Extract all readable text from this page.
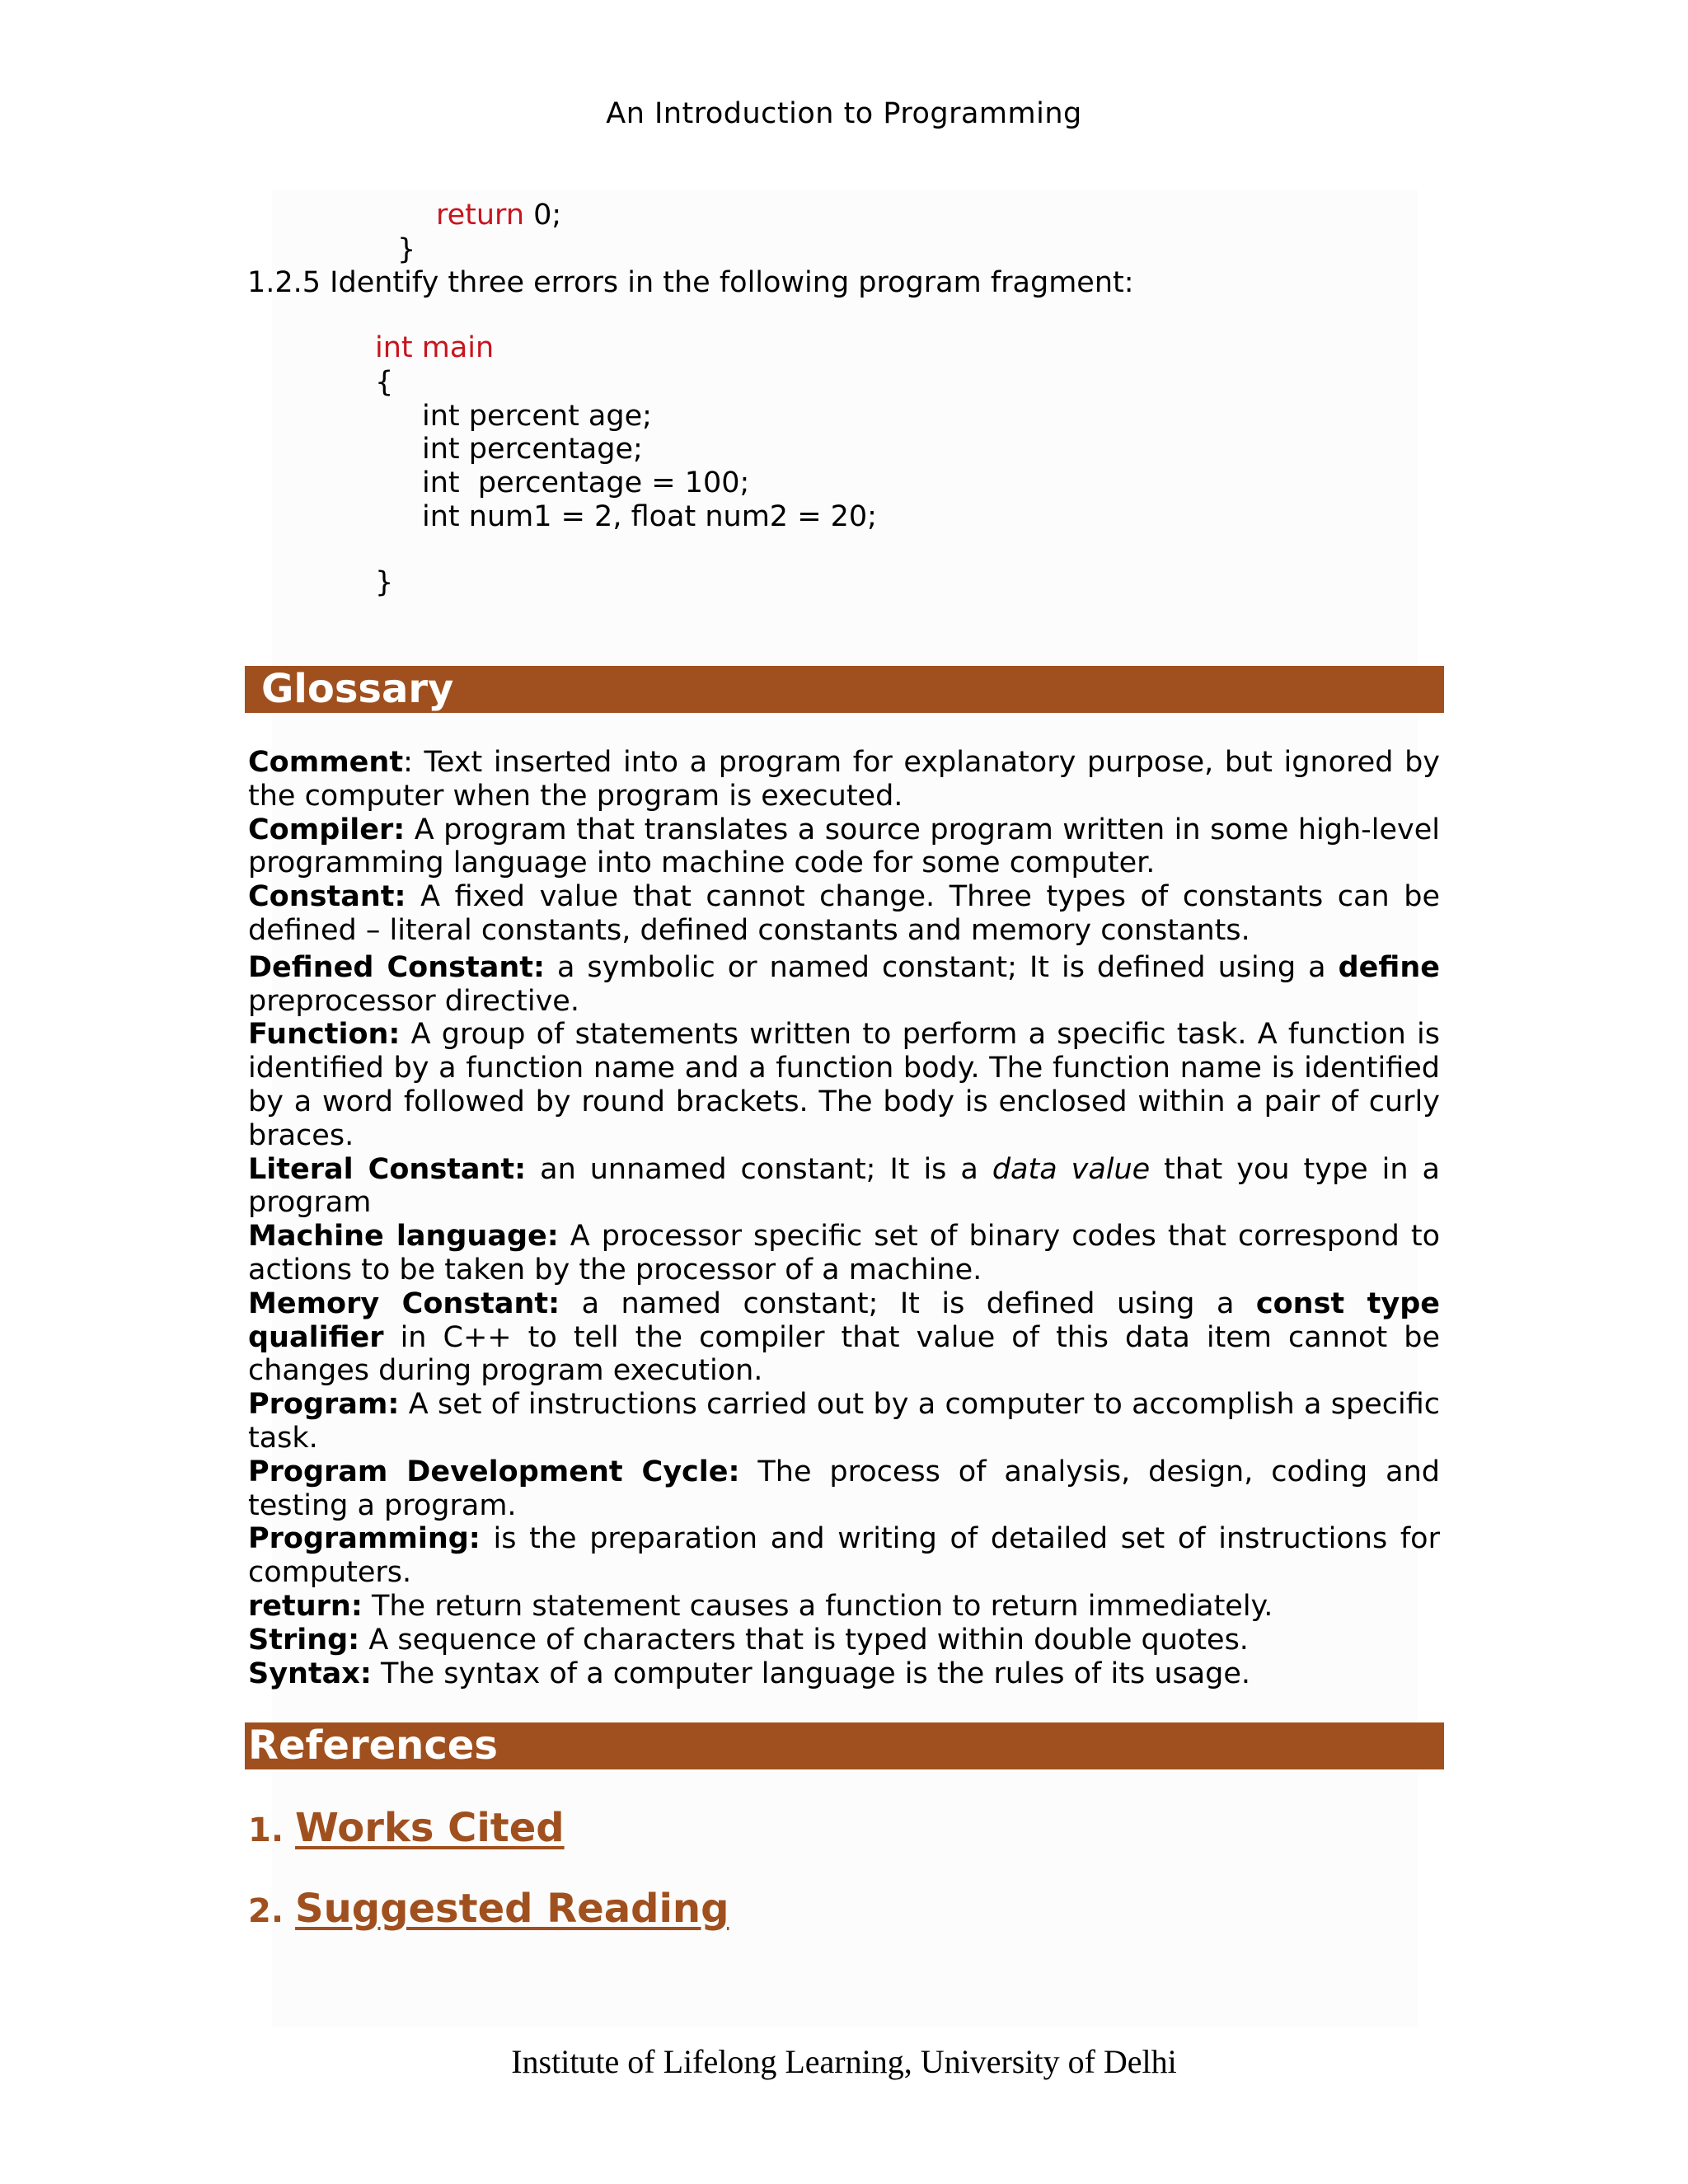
An Introduction to Programming
return 0;
}
1.2.5 Identify three errors in the following program fragment:
int main
{
int percent age;
int percentage;
int  percentage = 100;
int num1 = 2, float num2 = 20;
}
Glossary

Comment: Text inserted into a program for explanatory purpose, but ignored by the computer when the program is executed.

Compiler: A program that translates a source program written in some high-level programming language into machine code for some computer.

Constant: A fixed value that cannot change. Three types of constants can be defined – literal constants, defined constants and memory constants.

Defined Constant: a symbolic or named constant; It is defined using a define preprocessor directive.

Function: A group of statements written to perform a specific task. A function is identified by a function name and a function body. The function name is identified by a word followed by round brackets. The body is enclosed within a pair of curly braces.

Literal Constant: an unnamed constant; It is a data value that you type in a program

Machine language: A processor specific set of binary codes that correspond to actions to be taken by the processor of a machine.

Memory Constant: a named constant; It is defined using a const type qualifier in C++ to tell the compiler that value of this data item cannot be changes during program execution.

Program: A set of instructions carried out by a computer to accomplish a specific task.

Program Development Cycle: The process of analysis, design, coding and testing a program.

Programming: is the preparation and writing of detailed set of instructions for computers.

return: The return statement causes a function to return immediately.

String: A sequence of characters that is typed within double quotes.

Syntax: The syntax of a computer language is the rules of its usage.

References
1. Works Cited
2. Suggested Reading
Institute of Lifelong Learning, University of Delhi
